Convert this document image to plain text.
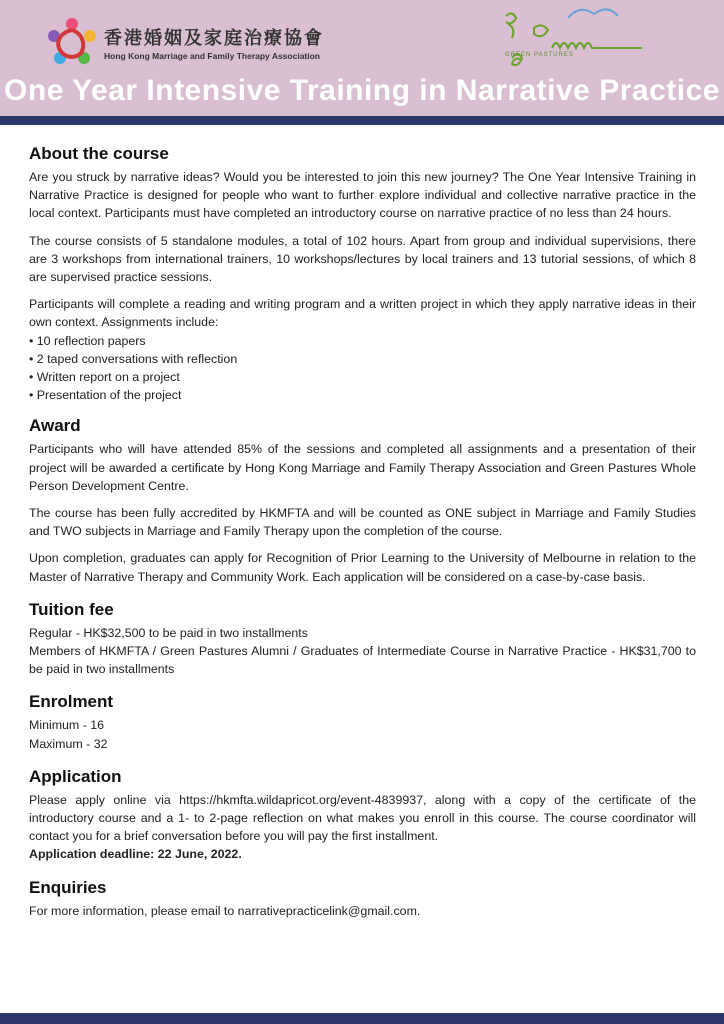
香港婚姻及家庭治療協會
Hong Kong Marriage and Family Therapy Association	GREEN PASTURES
One Year Intensive Training in Narrative Practice
About the course

Are you struck by narrative ideas? Would you be interested to join this new journey? The One Year Intensive Training in Narrative Practice is designed for people who want to further explore individual and collective narrative practice in the local context. Participants must have completed an introductory course on narrative practice of no less than 24 hours.

The course consists of 5 standalone modules, a total of 102 hours. Apart from group and individual supervisions, there are 3 workshops from international trainers, 10 workshops/lectures by local trainers and 13 tutorial sessions, of which 8 are supervised practice sessions.

Participants will complete a reading and writing program and a written project in which they apply narrative ideas in their own context. Assignments include:

• 10 reflection papers
• 2 taped conversations with reflection
• Written report on a project
• Presentation of the project
Award

Participants who will have attended 85% of the sessions and completed all assignments and a presentation of their project will be awarded a certificate by Hong Kong Marriage and Family Therapy Association and Green Pastures Whole Person Development Centre.

The course has been fully accredited by HKMFTA and will be counted as ONE subject in Marriage and Family Studies and TWO subjects in Marriage and Family Therapy upon the completion of the course.

Upon completion, graduates can apply for Recognition of Prior Learning to the University of Melbourne in relation to the Master of Narrative Therapy and Community Work. Each application will be considered on a case-by-case basis.

Tuition fee

Regular - HK$32,500 to be paid in two installments

Members of HKMFTA / Green Pastures Alumni / Graduates of Intermediate Course in Narrative Practice - HK$31,700 to be paid in two installments

Enrolment
Minimum - 16
Maximum - 32
Application

Please apply online via https://hkmfta.wildapricot.org/event-4839937, along with a copy of the certificate of the introductory course and a 1- to 2-page reflection on what makes you enroll in this course. The course coordinator will contact you for a brief conversation before you will pay the first installment.

Application deadline: 22 June, 2022.

Enquiries

For more information, please email to narrativepracticelink@gmail.com.
